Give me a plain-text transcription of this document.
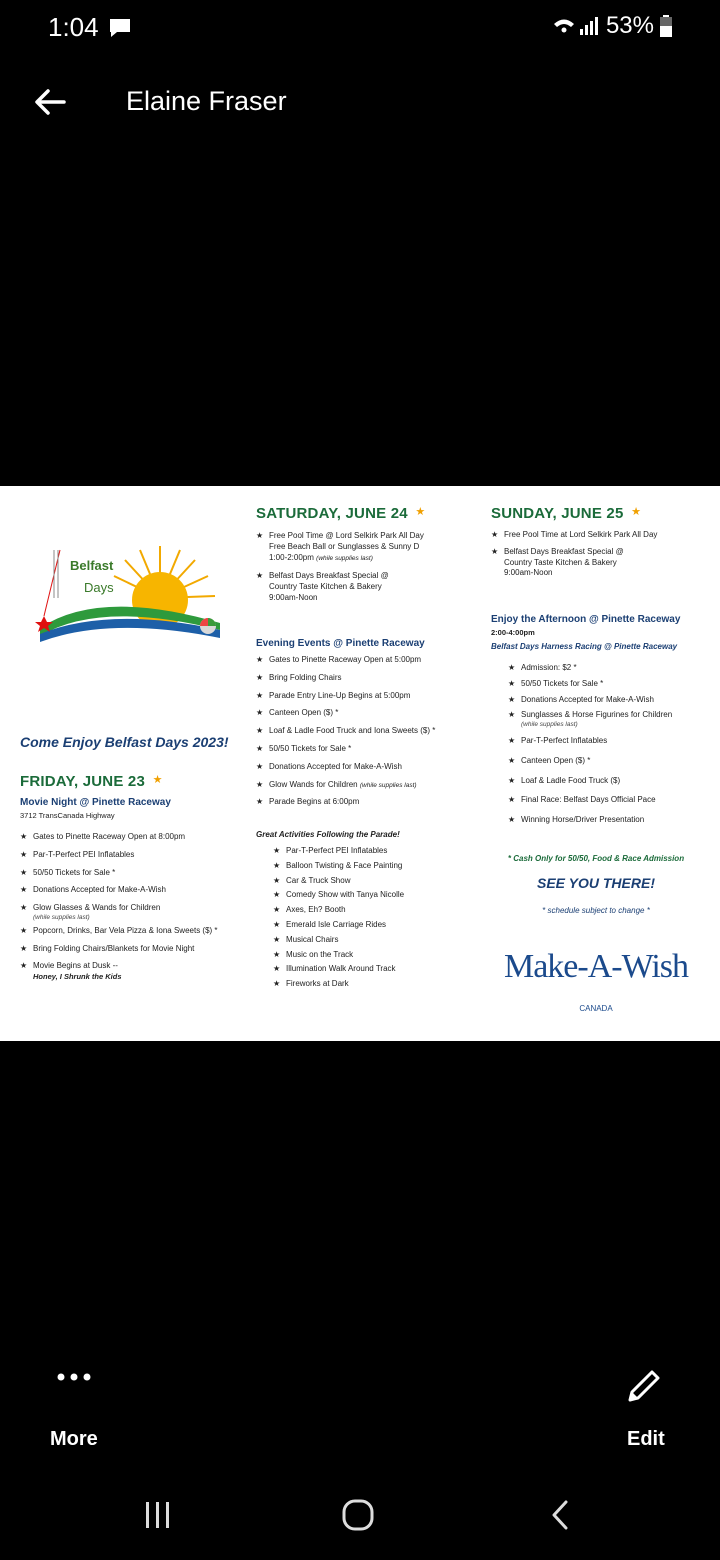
1:04	53%
Elaine Fraser
Belfast
Days
Come Enjoy Belfast Days 2023!
FRIDAY, JUNE 23  ★
Movie Night @ Pinette Raceway
3712 TransCanada Highway
★ Gates to Pinette Raceway Open at 8:00pm
★ Par-T-Perfect PEI Inflatables
★ 50/50 Tickets for Sale *
★ Donations Accepted for Make-A-Wish
★ Glow Glasses & Wands for Children
(while supplies last)
★ Popcorn, Drinks, Bar Vela Pizza & Iona Sweets ($) *
★ Bring Folding Chairs/Blankets for Movie Night
★ Movie Begins at Dusk --
Honey, I Shrunk the Kids
SATURDAY, JUNE 24  ★
★ Free Pool Time @ Lord Selkirk Park All Day
Free Beach Ball or Sunglasses & Sunny D
1:00-2:00pm (while supplies last)
★ Belfast Days Breakfast Special @
Country Taste Kitchen & Bakery
9:00am-Noon
Evening Events @ Pinette Raceway
★ Gates to Pinette Raceway Open at 5:00pm
★ Bring Folding Chairs
★ Parade Entry Line-Up Begins at 5:00pm
★ Canteen Open ($) *
★ Loaf & Ladle Food Truck and Iona Sweets ($) *
★ 50/50 Tickets for Sale *
★ Donations Accepted for Make-A-Wish
★ Glow Wands for Children (while supplies last)
★ Parade Begins at 6:00pm
Great Activities Following the Parade!
★ Par-T-Perfect PEI Inflatables
★ Balloon Twisting & Face Painting
★ Car & Truck Show
★ Comedy Show with Tanya Nicolle
★ Axes, Eh? Booth
★ Emerald Isle Carriage Rides
★ Musical Chairs
★ Music on the Track
★ Illumination Walk Around Track
★ Fireworks at Dark
SUNDAY, JUNE 25  ★
★ Free Pool Time at Lord Selkirk Park All Day
★ Belfast Days Breakfast Special @
Country Taste Kitchen & Bakery
9:00am-Noon
Enjoy the Afternoon @ Pinette Raceway
2:00-4:00pm
Belfast Days Harness Racing @ Pinette Raceway
★ Admission: $2 *
★ 50/50 Tickets for Sale *
★ Donations Accepted for Make-A-Wish
★ Sunglasses & Horse Figurines for Children
(while supplies last)
★ Par-T-Perfect Inflatables
★ Canteen Open ($) *
★ Loaf & Ladle Food Truck ($)
★ Final Race: Belfast Days Official Pace
★ Winning Horse/Driver Presentation
* Cash Only for 50/50, Food & Race Admission
SEE YOU THERE!
* schedule subject to change *
Make-A-Wish
CANADA
More	Edit
